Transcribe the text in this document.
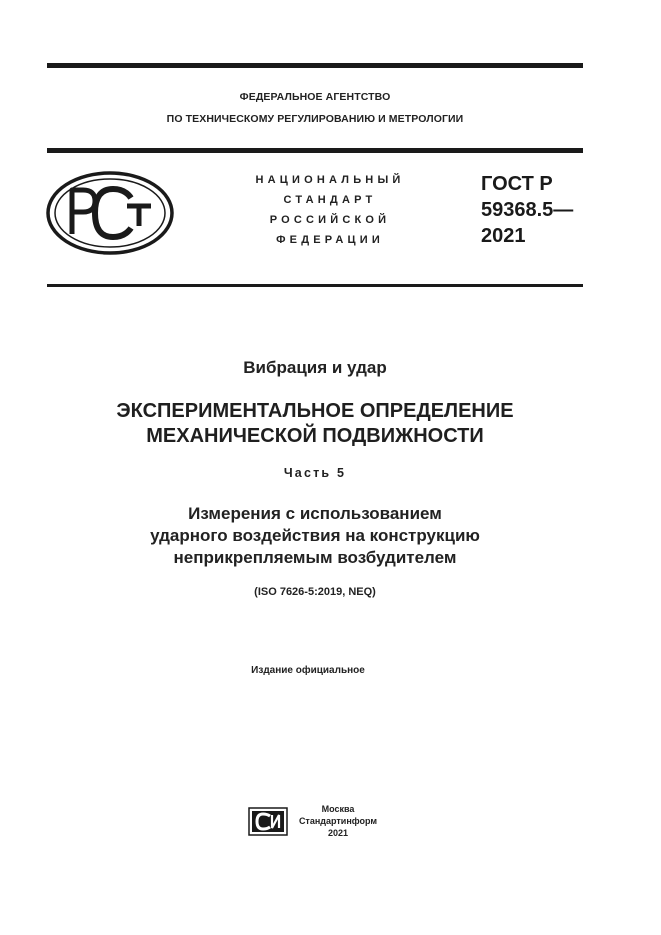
ФЕДЕРАЛЬНОЕ АГЕНТСТВО
ПО ТЕХНИЧЕСКОМУ РЕГУЛИРОВАНИЮ И МЕТРОЛОГИИ
НАЦИОНАЛЬНЫЙ
СТАНДАРТ
РОССИЙСКОЙ
ФЕДЕРАЦИИ
ГОСТ Р
59368.5—
2021
Вибрация и удар
ЭКСПЕРИМЕНТАЛЬНОЕ ОПРЕДЕЛЕНИЕ
МЕХАНИЧЕСКОЙ ПОДВИЖНОСТИ
Часть 5
Измерения с использованием
ударного воздействия на конструкцию
неприкрепляемым возбудителем
(ISO 7626-5:2019, NEQ)
Издание официальное
Москва
Стандартинформ
2021
